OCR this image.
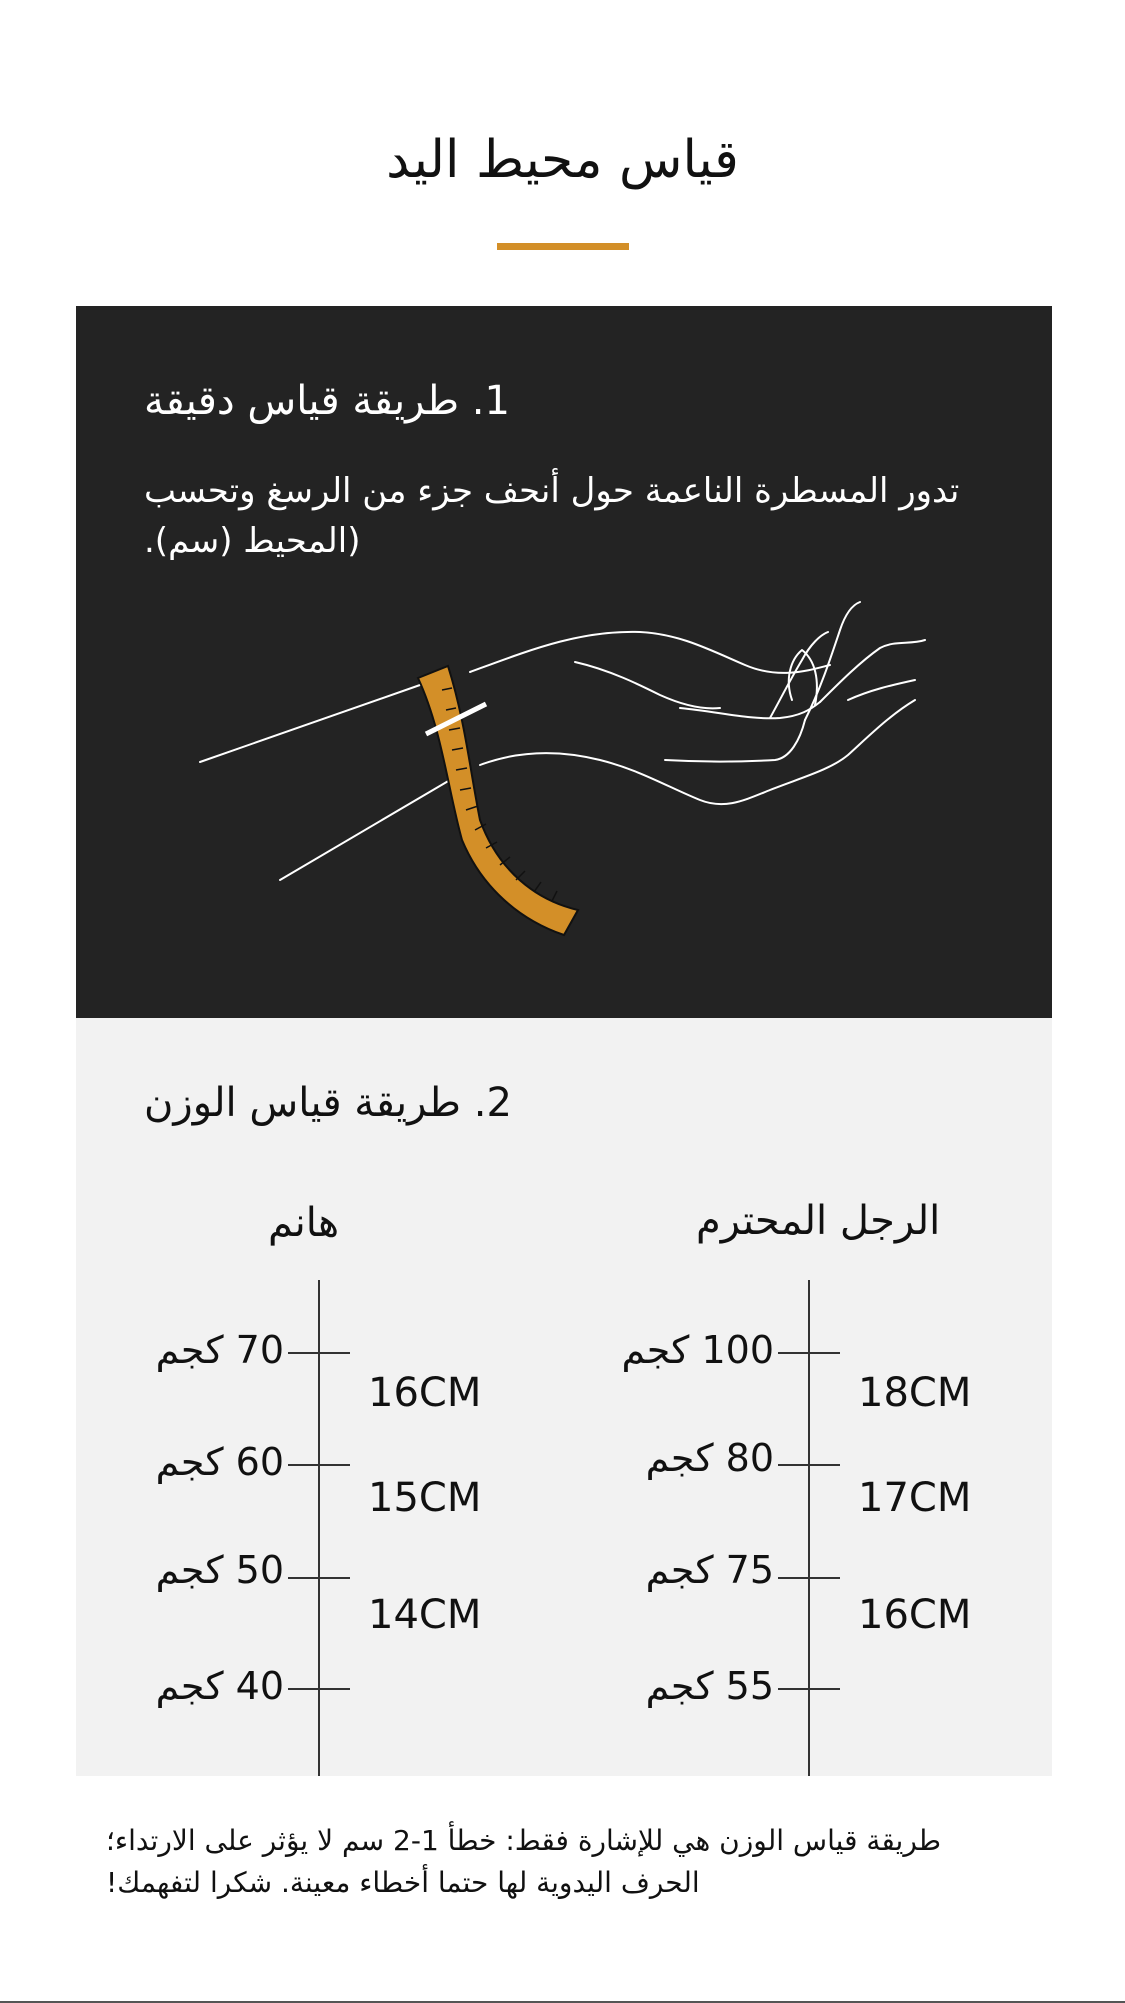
قياس محيط اليد
1. طريقة قياس دقيقة
تدور المسطرة الناعمة حول أنحف جزء من الرسغ وتحسب (المحيط (سم).
2. طريقة قياس الوزن
هانم
70 كجم
60 كجم
50 كجم
40 كجم
16CM
15CM
14CM
الرجل المحترم
100 كجم
80 كجم
75 كجم
55 كجم
18CM
17CM
16CM
طريقة قياس الوزن هي للإشارة فقط: خطأ 1-2 سم لا يؤثر على الارتداء؛ الحرف اليدوية لها حتما أخطاء معينة. شكرا لتفهمك!
